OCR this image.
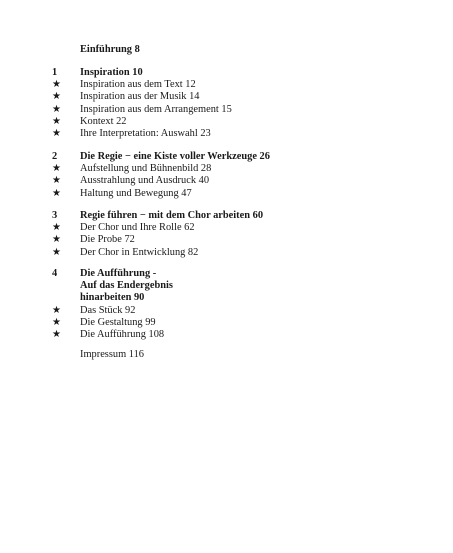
Einführung 8
1	Inspiration 10
★ Inspiration aus dem Text 12
★ Inspiration aus der Musik 14
★ Inspiration aus dem Arrangement 15
★ Kontext 22
★ Ihre Interpretation: Auswahl 23
2	Die Regie − eine Kiste voller Werkzeuge 26
★ Aufstellung und Bühnenbild 28
★ Ausstrahlung und Ausdruck 40
★ Haltung und Bewegung 47
3	Regie führen − mit dem Chor arbeiten 60
★ Der Chor und Ihre Rolle 62
★ Die Probe 72
★ Der Chor in Entwicklung 82
4	Die Aufführung -
Auf das Endergebnis
hinarbeiten 90
★ Das Stück 92
★ Die Gestaltung 99
★ Die Aufführung 108
Impressum 116
